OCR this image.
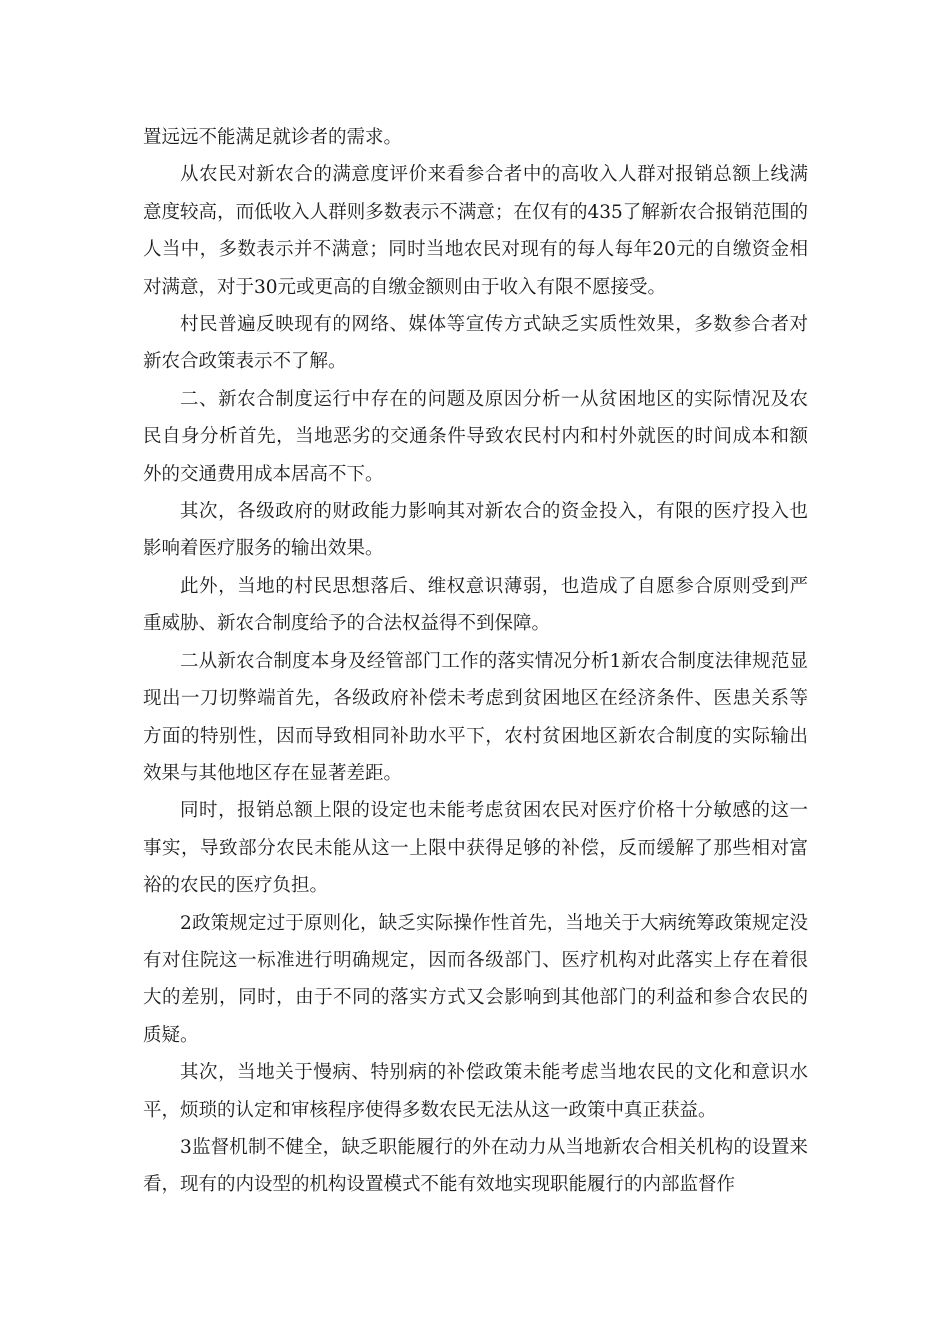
置远远不能满足就诊者的需求。

从农民对新农合的满意度评价来看参合者中的高收入人群对报销总额上线满意度较高，而低收入人群则多数表示不满意；在仅有的435了解新农合报销范围的人当中，多数表示并不满意；同时当地农民对现有的每人每年20元的自缴资金相对满意，对于30元或更高的自缴金额则由于收入有限不愿接受。

村民普遍反映现有的网络、媒体等宣传方式缺乏实质性效果，多数参合者对新农合政策表示不了解。

二、新农合制度运行中存在的问题及原因分析一从贫困地区的实际情况及农民自身分析首先，当地恶劣的交通条件导致农民村内和村外就医的时间成本和额外的交通费用成本居高不下。

其次，各级政府的财政能力影响其对新农合的资金投入，有限的医疗投入也影响着医疗服务的输出效果。

此外，当地的村民思想落后、维权意识薄弱，也造成了自愿参合原则受到严重威胁、新农合制度给予的合法权益得不到保障。

二从新农合制度本身及经管部门工作的落实情况分析1新农合制度法律规范显现出一刀切弊端首先，各级政府补偿未考虑到贫困地区在经济条件、医患关系等方面的特别性，因而导致相同补助水平下，农村贫困地区新农合制度的实际输出效果与其他地区存在显著差距。

同时，报销总额上限的设定也未能考虑贫困农民对医疗价格十分敏感的这一事实，导致部分农民未能从这一上限中获得足够的补偿，反而缓解了那些相对富裕的农民的医疗负担。

2政策规定过于原则化，缺乏实际操作性首先，当地关于大病统筹政策规定没有对住院这一标准进行明确规定，因而各级部门、医疗机构对此落实上存在着很大的差别，同时，由于不同的落实方式又会影响到其他部门的利益和参合农民的质疑。

其次，当地关于慢病、特别病的补偿政策未能考虑当地农民的文化和意识水平，烦琐的认定和审核程序使得多数农民无法从这一政策中真正获益。

3监督机制不健全，缺乏职能履行的外在动力从当地新农合相关机构的设置来看，现有的内设型的机构设置模式不能有效地实现职能履行的内部监督作
